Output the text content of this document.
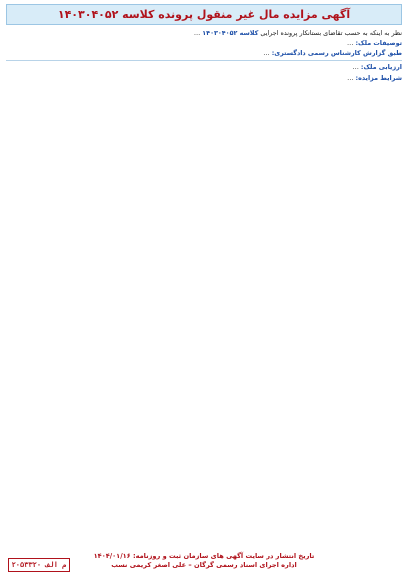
آگهی مزایده مال غیر منقول پرونده کلاسه ۱۴۰۳۰۴۰۵۲

نظر به اینکه به حسب تقاضای بستانکار پرونده اجرایی کلاسه ۱۴۰۳۰۴۰۵۲ …

توصیفات ملک: …

طبق گزارش کارشناس رسمی دادگستری: …

ارزیابی ملک: …

شرایط مزایده: …

تاریخ انتشار در سایت آگهی های سازمان ثبت و روزنامه: ۱۴۰۴/۰۱/۱۶
اداره اجرای اسناد رسمی گرگان – علی اصغر کریمی نسب
۲۰۵۳۳۲۰ م الف
